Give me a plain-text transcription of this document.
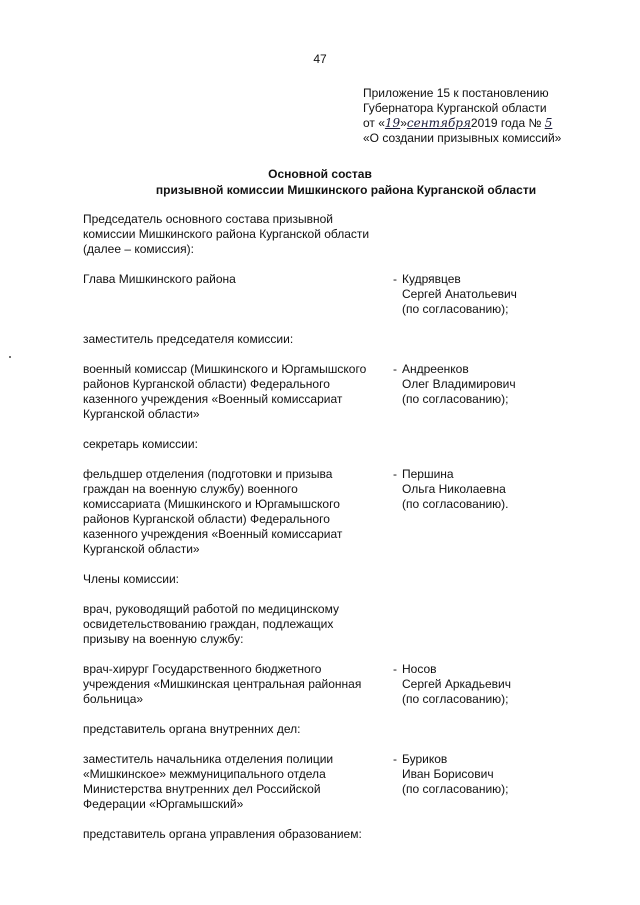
47
Приложение 15 к постановлению
Губернатора Курганской области
от «19»сентября2019 года № 5
«О создании призывных комиссий»
Основной состав
призывной комиссии Мишкинского района Курганской области
Председатель основного состава призывной
комиссии Мишкинского района Курганской области
(далее – комиссия):
Глава Мишкинского района	- Кудрявцев
Сергей Анатольевич
(по согласованию);
заместитель председателя комиссии:
военный комиссар (Мишкинского и Юргамышского
районов Курганской области) Федерального
казенного учреждения «Военный комиссариат
Курганской области»
- Андреенков
Олег Владимирович
(по согласованию);
секретарь комиссии:
фельдшер отделения (подготовки и призыва
граждан на военную службу) военного
комиссариата (Мишкинского и Юргамышского
районов Курганской области) Федерального
казенного учреждения «Военный комиссариат
Курганской области»
- Першина
Ольга Николаевна
(по согласованию).
Члены комиссии:
врач, руководящий работой по медицинскому
освидетельствованию граждан, подлежащих
призыву на военную службу:
врач-хирург Государственного бюджетного
учреждения «Мишкинская центральная районная
больница»
- Носов
Сергей Аркадьевич
(по согласованию);
представитель органа внутренних дел:
заместитель начальника отделения полиции
«Мишкинское» межмуниципального отдела
Министерства внутренних дел Российской
Федерации «Юргамышский»
- Буриков
Иван Борисович
(по согласованию);
представитель органа управления образованием:
